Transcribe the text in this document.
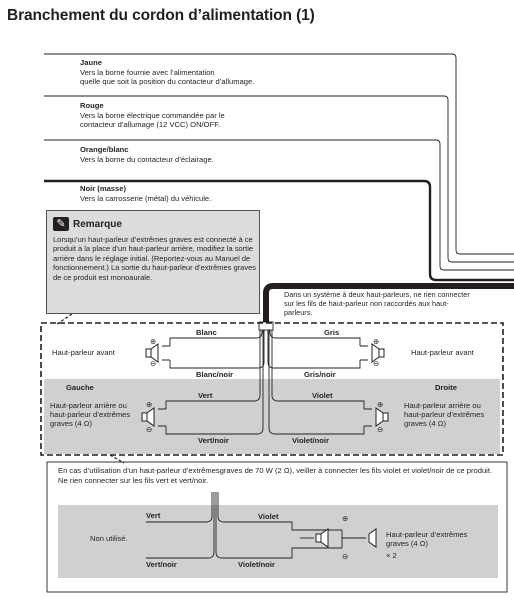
Branchement du cordon d’alimentation (1)
Jaune
Vers la borne fournie avec l’alimentation
quelle que soit la position du contacteur d’allumage.
Rouge
Vers la borne électrique commandée par le
contacteur d’allumage (12 VCC) ON/OFF.
Orange/blanc
Vers la borne du contacteur d’éclairage.
Noir (masse)
Vers la carrosserie (métal) du véhicule.
✎ Remarque
Lorsqu’un haut-parleur d’extrêmes graves est connecté à ce produit à la place d’un haut-parleur arrière, modifiez la sortie arrière dans le réglage initial. (Reportez-vous au Manuel de fonctionnement.) La sortie du haut-parleur d’extrêmes graves de ce produit est monoaurale.
Dans un système à deux haut-parleurs, ne rien connecter sur les fils de haut-parleur non raccordés aux haut-parleurs.
Blanc
Blanc/noir
Gris
Gris/noir
⊕
⊖
⊕
⊖
Haut-parleur avant	Haut-parleur avant
Gauche	Droite
Vert
Vert/noir
Violet
Violet/noir
⊕
⊖
⊕
⊖
Haut-parleur arrière ou haut-parleur d’extrêmes graves (4 Ω)
Haut-parleur arrière ou haut-parleur d’extrêmes graves (4 Ω)
En cas d’utilisation d’un haut-parleur d’extrêmesgraves de 70 W (2 Ω), veiller à connecter les fils violet et violet/noir de ce produit. Ne rien connecter sur les fils vert et vert/noir.
Vert
Vert/noir
Violet
Violet/noir
Non utilisé.
⊕
⊖
Haut-parleur d’extrêmes graves (4 Ω)
× 2
